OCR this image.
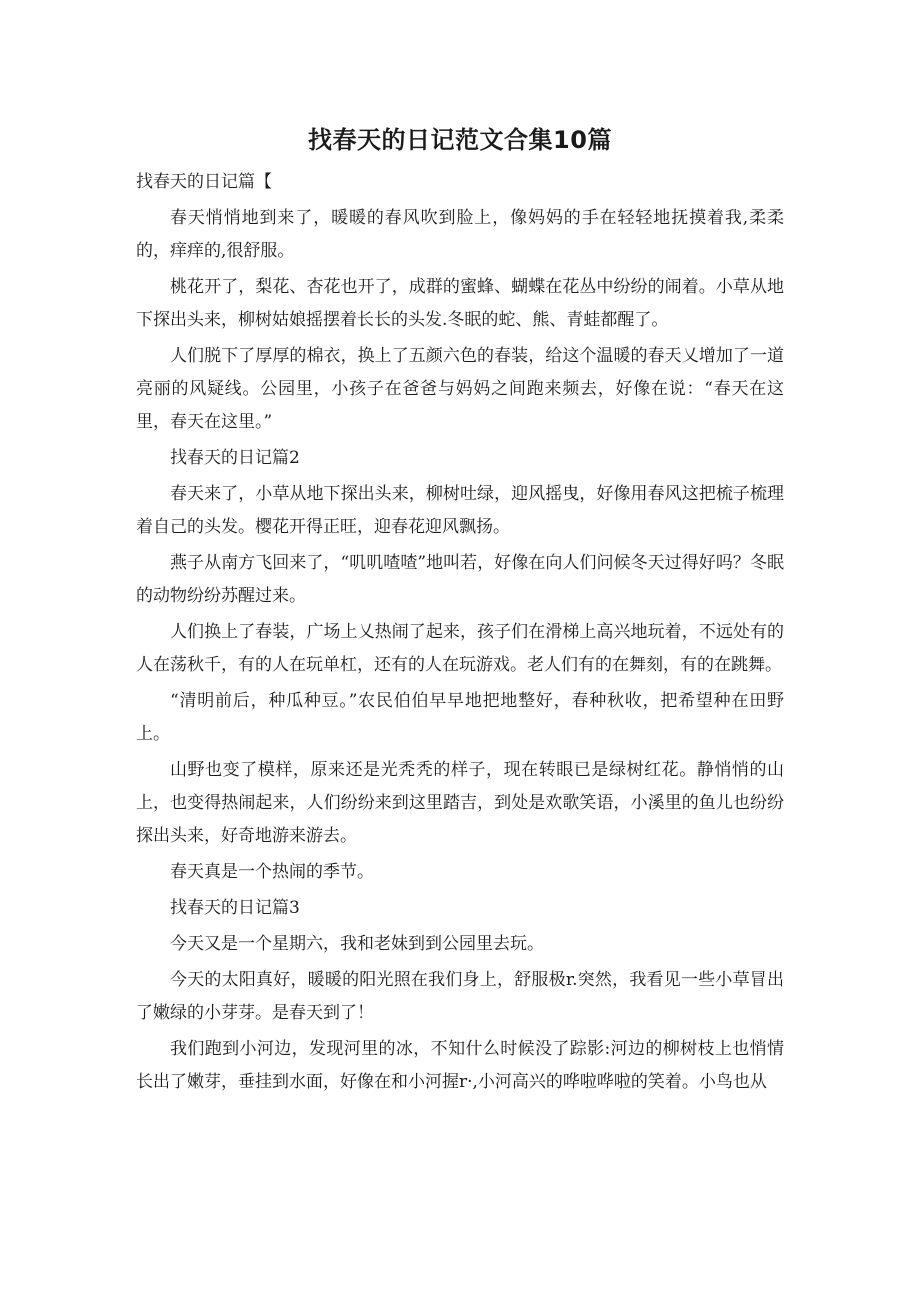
找春天的日记范文合集10篇

找春天的日记篇【

春天悄悄地到来了，暖暖的春风吹到脸上，像妈妈的手在轻轻地抚摸着我,柔柔的，痒痒的,很舒服。

桃花开了，梨花、杏花也开了，成群的蜜蜂、蝴蝶在花丛中纷纷的闹着。小草从地下探出头来，柳树姑娘摇摆着长长的头发.冬眠的蛇、熊、青蛙都醒了。

人们脱下了厚厚的棉衣，换上了五颜六色的春装，给这个温暖的春天乂增加了一道亮丽的风疑线。公园里，小孩子在爸爸与妈妈之间跑来频去，好像在说：“春天在这里，春天在这里。”

找春天的日记篇2

春天来了，小草从地下探出头来，柳树吐绿，迎风摇曳，好像用春风这把梳子梳理着自己的头发。樱花开得正旺，迎春花迎风飘扬。

燕子从南方飞回来了，“叽叽喳喳”地叫若，好像在向人们问候冬天过得好吗？冬眠的动物纷纷苏醒过来。

人们换上了春装，广场上乂热闹了起来，孩子们在滑梯上高兴地玩着，不远处有的人在荡秋千，有的人在玩单杠，还有的人在玩游戏。老人们有的在舞刻，有的在跳舞。

“清明前后，种瓜种豆。”农民伯伯早早地把地整好，春种秋收，把希望种在田野上。

山野也变了模样，原来还是光秃秃的样子，现在转眼已是绿树红花。静悄悄的山上，也变得热闹起来，人们纷纷来到这里踏吉，到处是欢歌笑语，小溪里的鱼儿也纷纷探出头来，好奇地游来游去。

春天真是一个热闹的季节。

找春天的日记篇3

今天又是一个星期六，我和老妹到到公园里去玩。

今天的太阳真好，暖暖的阳光照在我们身上，舒服极r.突然，我看见一些小草冒出了嫩绿的小芽芽。是春天到了！

我们跑到小河边，发现河里的冰，不知什么时候没了踪影:河边的柳树枝上也悄情长出了嫩芽，垂挂到水面，好像在和小河握r·,小河高兴的哗啦哗啦的笑着。小鸟也从
